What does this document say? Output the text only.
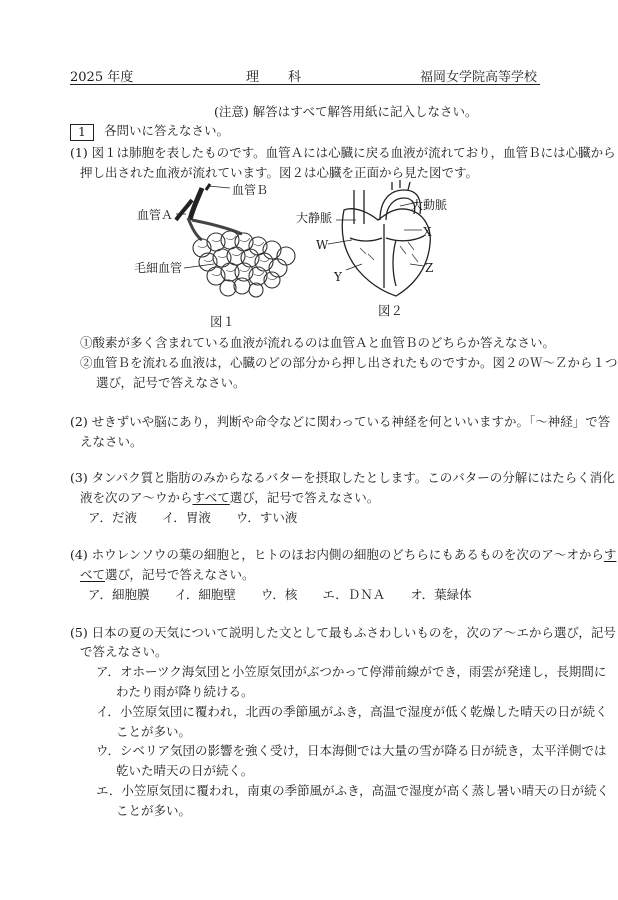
2025 年度	理　　科	福岡女学院高等学校
(注意) 解答はすべて解答用紙に記入しなさい。
1	各問いに答えなさい。
(1) 図１は肺胞を表したものです。血管Ａには心臓に戻る血液が流れており，血管Ｂには心臓から
押し出された血液が流れています。図２は心臓を正面から見た図です。
血管Ｂ
血管Ａ
毛細血管
図１
大静脈
大動脈
W
X
Y
Z
図２
①酸素が多く含まれている血液が流れるのは血管Ａと血管Ｂのどちらか答えなさい。
②血管Ｂを流れる血液は，心臓のどの部分から押し出されたものですか。図２のＷ～Ｚから１つ
選び，記号で答えなさい。
(2) せきずいや脳にあり，判断や命令などに関わっている神経を何といいますか。「～神経」で答
えなさい。
(3) タンパク質と脂肪のみからなるバターを摂取したとします。このバターの分解にはたらく消化
液を次のア～ウからすべて選び，記号で答えなさい。
ア．だ液　　イ．胃液　　ウ．すい液
(4) ホウレンソウの葉の細胞と，ヒトのほお内側の細胞のどちらにもあるものを次のア～オからす
べて選び，記号で答えなさい。
ア．細胞膜　　イ．細胞壁　　ウ．核　　エ．ＤＮＡ　　オ．葉緑体
(5) 日本の夏の天気について説明した文として最もふさわしいものを，次のア～エから選び，記号
で答えなさい。
ア．オホーツク海気団と小笠原気団がぶつかって停滞前線ができ，雨雲が発達し，長期間に
わたり雨が降り続ける。
イ．小笠原気団に覆われ，北西の季節風がふき，高温で湿度が低く乾燥した晴天の日が続く
ことが多い。
ウ．シベリア気団の影響を強く受け，日本海側では大量の雪が降る日が続き，太平洋側では
乾いた晴天の日が続く。
エ．小笠原気団に覆われ，南東の季節風がふき，高温で湿度が高く蒸し暑い晴天の日が続く
ことが多い。
